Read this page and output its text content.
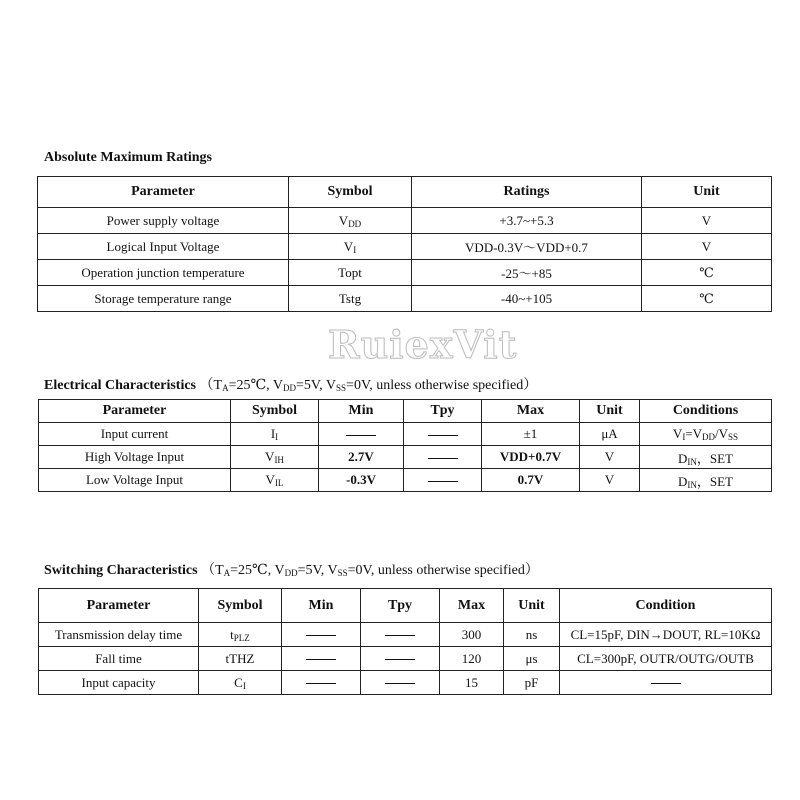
Absolute Maximum Ratings
Parameter	Symbol	Ratings	Unit
Power supply voltage	$V_{DD}$	+3.7~+5.3	V
Logical Input Voltage	$V_I$	VDD-0.3V～VDD+0.7	V
Operation junction temperature	Topt	-25～+85	℃
Storage temperature range	Tstg	-40~+105	℃
RuiexVit
Electrical Characteristics （$T_A=25℃$, $V_{DD}=5V$, $V_{SS}=0V$, unless otherwise specified）
Parameter	Symbol	Min	Tpy	Max	Unit	Conditions
Input current	$I_I$			±1	μA	$V_I=V_{DD}/V_{SS}$
High Voltage Input	$V_{IH}$	2.7V		VDD+0.7V	V	$D_{IN}$，SET
Low Voltage Input	$V_{IL}$	-0.3V		0.7V	V	$D_{IN}$，SET
Switching Characteristics （$T_A=25℃$, $V_{DD}=5V$, $V_{SS}=0V$, unless otherwise specified）
Parameter	Symbol	Min	Tpy	Max	Unit	Condition
Transmission delay time	$t_{PLZ}$			300	ns	CL=15pF, DIN→DOUT, RL=10KΩ
Fall time	tTHZ			120	μs	CL=300pF, OUTR/OUTG/OUTB
Input capacity	$C_I$			15	pF	
